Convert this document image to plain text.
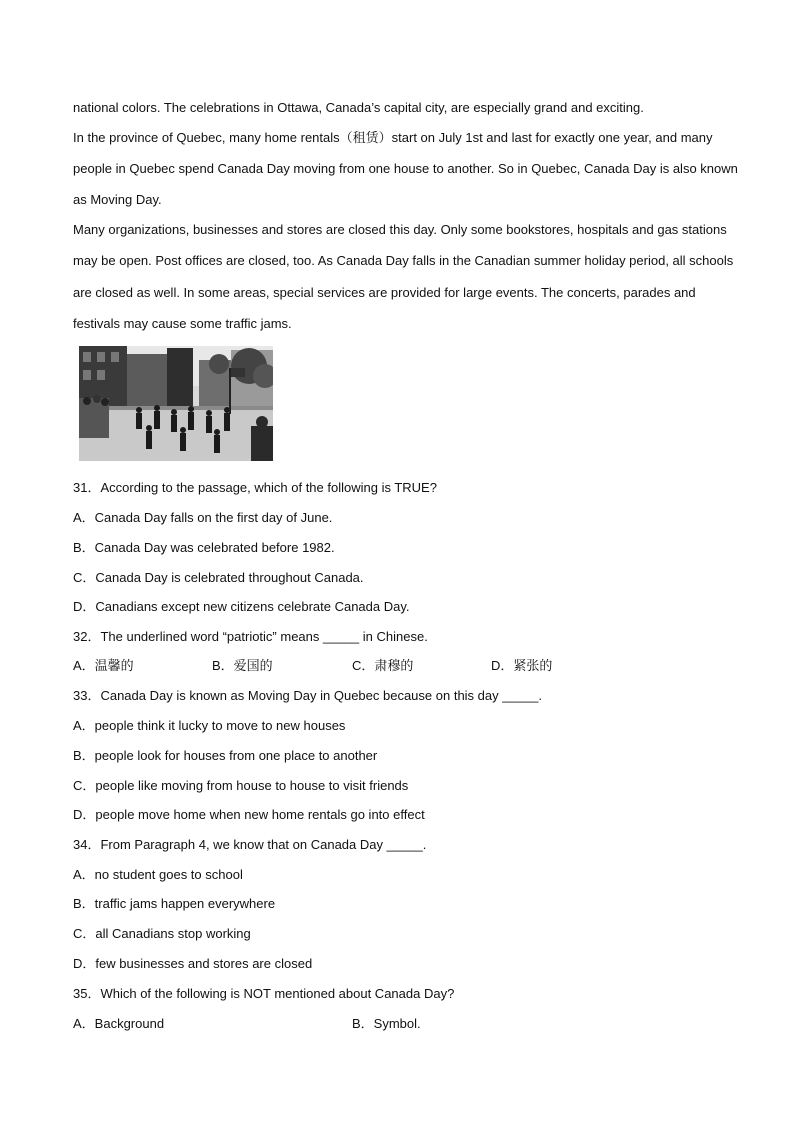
national colors. The celebrations in Ottawa, Canada’s capital city, are especially grand and exciting.
In the province of Quebec, many home rentals（租赁）start on July 1st and last for exactly one year, and many
people in Quebec spend Canada Day moving from one house to another. So in Quebec, Canada Day is also known
as Moving Day.
Many organizations, businesses and stores are closed this day. Only some bookstores, hospitals and gas stations
may be open. Post offices are closed, too. As Canada Day falls in the Canadian summer holiday period, all schools
are closed as well. In some areas, special services are provided for large events. The concerts, parades and
festivals may cause some traffic jams.
31．According to the passage, which of the following is TRUE?
A．Canada Day falls on the first day of June.
B．Canada Day was celebrated before 1982.
C．Canada Day is celebrated throughout Canada.
D．Canadians except new citizens celebrate Canada Day.
32．The underlined word “patriotic” means _____ in Chinese.
A．温馨的	B．爱国的	C．肃穆的	D．紧张的
33．Canada Day is known as Moving Day in Quebec because on this day _____.
A．people think it lucky to move to new houses
B．people look for houses from one place to another
C．people like moving from house to house to visit friends
D．people move home when new home rentals go into effect
34．From Paragraph 4, we know that on Canada Day _____.
A．no student goes to school
B．traffic jams happen everywhere
C．all Canadians stop working
D．few businesses and stores are closed
35．Which of the following is NOT mentioned about Canada Day?
A．Background	B．Symbol.
